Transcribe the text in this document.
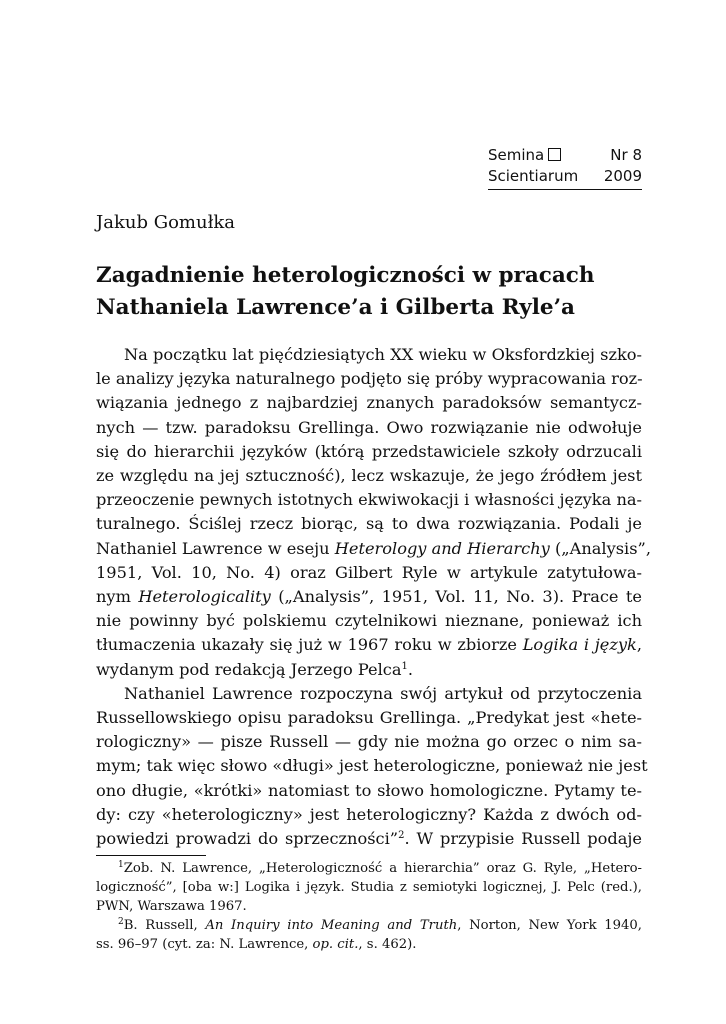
Semina	Nr 8
Scientiarum 2009
Jakub Gomułka
Zagadnienie heterologiczności w pracach
Nathaniela Lawrence’a i Gilberta Ryle’a
Na początku lat pięćdziesiątych XX wieku w Oksfordzkiej szko-
le analizy języka naturalnego podjęto się próby wypracowania roz-
wiązania jednego z najbardziej znanych paradoksów semantycz-
nych — tzw. paradoksu Grellinga. Owo rozwiązanie nie odwołuje
się do hierarchii języków (którą przedstawiciele szkoły odrzucali
ze względu na jej sztuczność), lecz wskazuje, że jego źródłem jest
przeoczenie pewnych istotnych ekwiwokacji i własności języka na-
turalnego. Ściślej rzecz biorąc, są to dwa rozwiązania. Podali je
Nathaniel Lawrence w eseju Heterology and Hierarchy („Analysis”,
1951, Vol. 10, No. 4) oraz Gilbert Ryle w artykule zatytułowa-
nym Heterologicality („Analysis”, 1951, Vol. 11, No. 3). Prace te
nie powinny być polskiemu czytelnikowi nieznane, ponieważ ich
tłumaczenia ukazały się już w 1967 roku w zbiorze Logika i język,
wydanym pod redakcją Jerzego Pelca$^1$.
Nathaniel Lawrence rozpoczyna swój artykuł od przytoczenia
Russellowskiego opisu paradoksu Grellinga. „Predykat jest «hete-
rologiczny» — pisze Russell — gdy nie można go orzec o nim sa-
mym; tak więc słowo «długi» jest heterologiczne, ponieważ nie jest
ono długie, «krótki» natomiast to słowo homologiczne. Pytamy te-
dy: czy «heterologiczny» jest heterologiczny? Każda z dwóch od-
powiedzi prowadzi do sprzeczności”$^2$. W przypisie Russell podaje
$^1$Zob. N. Lawrence, „Heterologiczność a hierarchia” oraz G. Ryle, „Hetero-
logiczność”, [oba w:] Logika i język. Studia z semiotyki logicznej, J. Pelc (red.),
PWN, Warszawa 1967.
$^2$B. Russell, An Inquiry into Meaning and Truth, Norton, New York 1940,
ss. 96–97 (cyt. za: N. Lawrence, op. cit., s. 462).
